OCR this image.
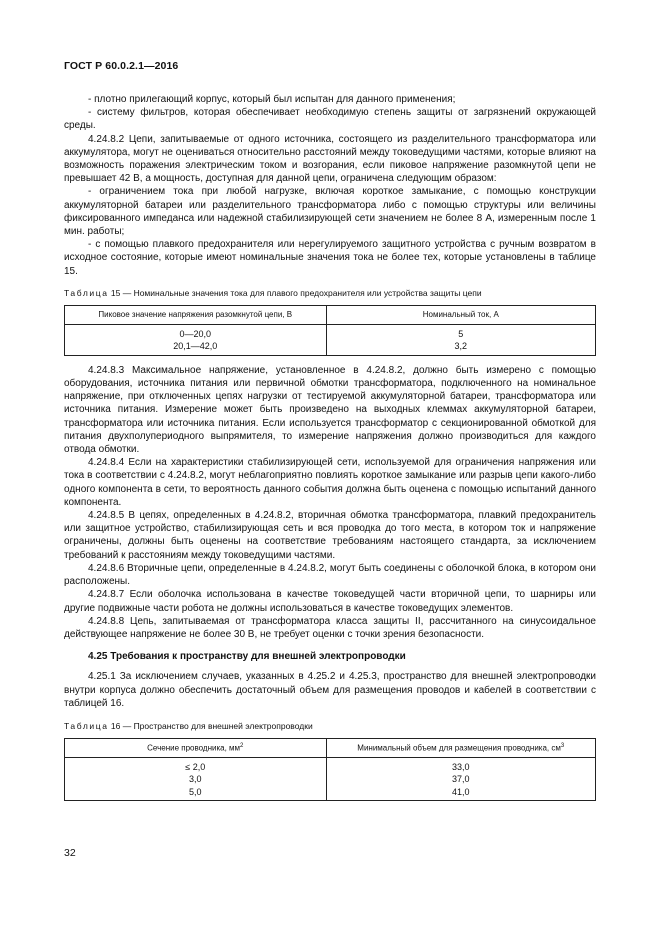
ГОСТ Р 60.0.2.1—2016

- плотно прилегающий корпус, который был испытан для данного применения;

- систему фильтров, которая обеспечивает необходимую степень защиты от загрязнений окружающей среды.

4.24.8.2 Цепи, запитываемые от одного источника, состоящего из разделительного трансформатора или аккумулятора, могут не оцениваться относительно расстояний между токоведущими частями, которые влияют на возможность поражения электрическим током и возгорания, если пиковое напряжение разомкнутой цепи не превышает 42 В, а мощность, доступная для данной цепи, ограничена следующим образом:

- ограничением тока при любой нагрузке, включая короткое замыкание, с помощью конструкции аккумуляторной батареи или разделительного трансформатора либо с помощью структуры или величины фиксированного импеданса или надежной стабилизирующей сети значением не более 8 А, измеренным после 1 мин. работы;

- с помощью плавкого предохранителя или нерегулируемого защитного устройства с ручным возвратом в исходное состояние, которые имеют номинальные значения тока не более тех, которые установлены в таблице 15.

Таблица 15 — Номинальные значения тока для плавого предохранителя или устройства защиты цепи

Пиковое значение напряжения разомкнутой цепи, В	Номинальный ток, А
0—20,0	5
20,1—42,0	3,2

4.24.8.3 Максимальное напряжение, установленное в 4.24.8.2, должно быть измерено с помощью оборудования, источника питания или первичной обмотки трансформатора, подключенного на номинальное напряжение, при отключенных цепях нагрузки от тестируемой аккумуляторной батареи, трансформатора или источника питания. Измерение может быть произведено на выходных клеммах аккумуляторной батареи, трансформатора или источника питания. Если используется трансформатор с секционированной обмоткой для питания двухполупериодного выпрямителя, то измерение напряжения должно производиться для каждого отвода обмотки.

4.24.8.4 Если на характеристики стабилизирующей сети, используемой для ограничения напряжения или тока в соответствии с 4.24.8.2, могут неблагоприятно повлиять короткое замыкание или разрыв цепи какого-либо одного компонента в сети, то вероятность данного события должна быть оценена с помощью испытаний данного компонента.

4.24.8.5 В цепях, определенных в 4.24.8.2, вторичная обмотка трансформатора, плавкий предохранитель или защитное устройство, стабилизирующая сеть и вся проводка до того места, в котором ток и напряжение ограничены, должны быть оценены на соответствие требованиям настоящего стандарта, за исключением требований к расстояниям между токоведущими частями.

4.24.8.6 Вторичные цепи, определенные в 4.24.8.2, могут быть соединены с оболочкой блока, в котором они расположены.

4.24.8.7 Если оболочка использована в качестве токоведущей части вторичной цепи, то шарниры или другие подвижные части робота не должны использоваться в качестве токоведущих элементов.

4.24.8.8 Цепь, запитываемая от трансформатора класса защиты II, рассчитанного на синусоидальное действующее напряжение не более 30 В, не требует оценки с точки зрения безопасности.

4.25 Требования к пространству для внешней электропроводки

4.25.1 За исключением случаев, указанных в 4.25.2 и 4.25.3, пространство для внешней электропроводки внутри корпуса должно обеспечить достаточный объем для размещения проводов и кабелей в соответствии с таблицей 16.

Таблица 16 — Пространство для внешней электропроводки

Сечение проводника, $мм^2$	Минимальный объем для размещения проводника, $см^3$
≤ 2,0	33,0
3,0	37,0
5,0	41,0
32
